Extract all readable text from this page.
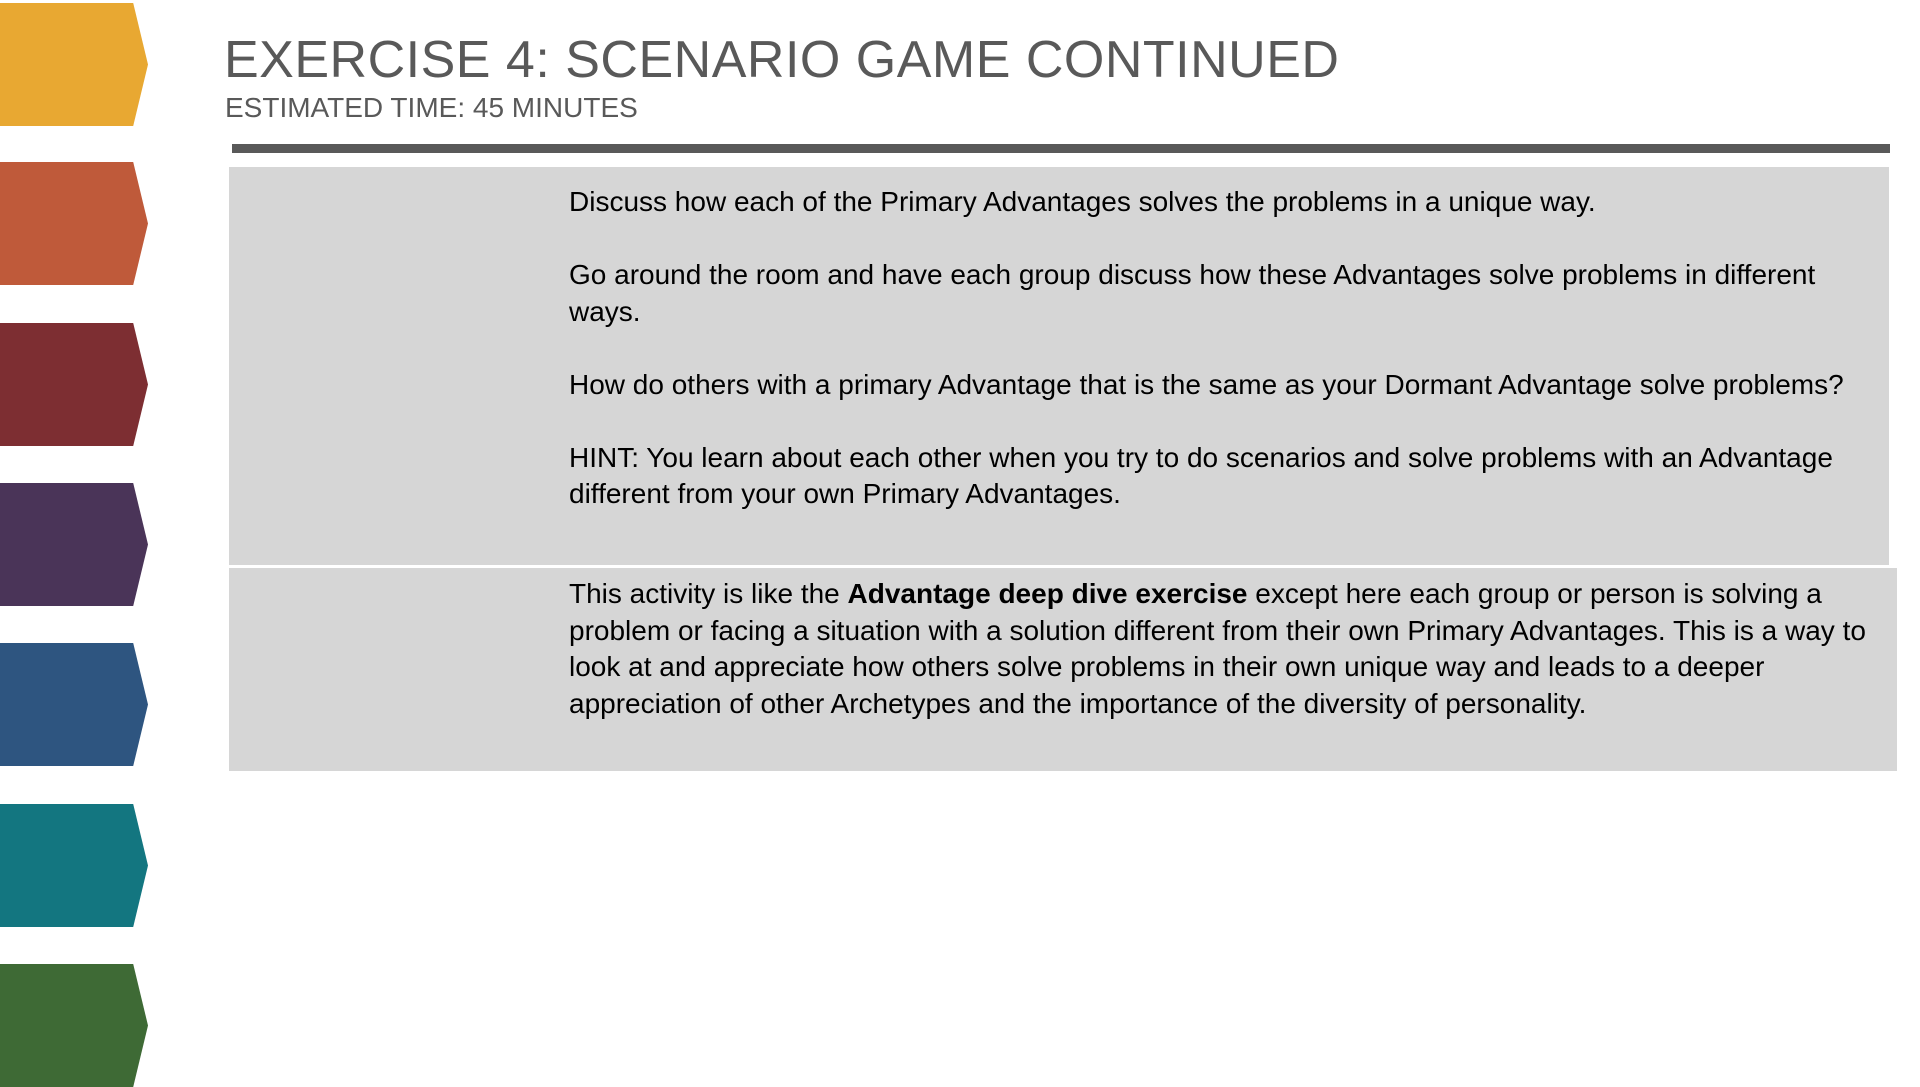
EXERCISE 4: SCENARIO GAME CONTINUED
ESTIMATED TIME: 45 MINUTES

Discuss how each of the Primary Advantages solves the problems in a unique way.

Go around the room and have each group discuss how these Advantages solve problems in different ways.

How do others with a primary Advantage that is the same as your Dormant Advantage solve problems?

HINT: You learn about each other when you try to do scenarios and solve problems with an Advantage different from your own Primary Advantages.

This activity is like the Advantage deep dive exercise except here each group or person is solving a problem or facing a situation with a solution different from their own Primary Advantages. This is a way to look at and appreciate how others solve problems in their own unique way and leads to a deeper appreciation of other Archetypes and the importance of the diversity of personality.
